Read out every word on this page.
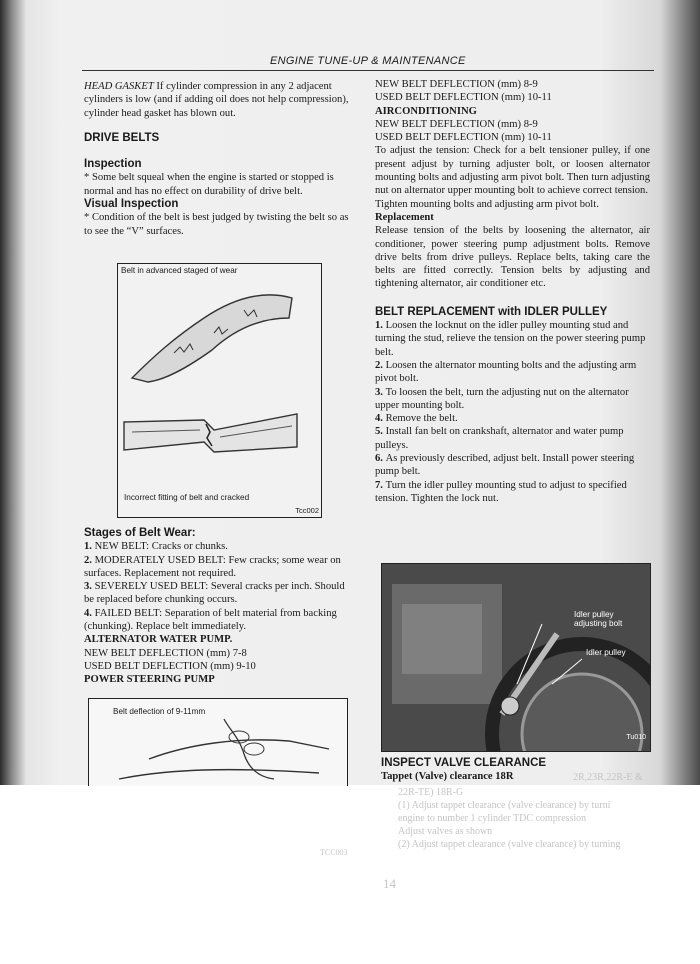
ENGINE TUNE-UP & MAINTENANCE

HEAD GASKET If cylinder compression in any 2 adjacent cylinders is low (and if adding oil does not help compression), cylinder head gasket has blown out.

DRIVE BELTS

Inspection

* Some belt squeal when the engine is started or stopped is normal and has no effect on durability of drive belt.

Visual Inspection

* Condition of the belt is best judged by twisting the belt so as to see the “V” surfaces.

Belt in advanced staged of wear
Incorrect fitting of belt and cracked
Tcc002

Stages of Belt Wear:

1. NEW BELT: Cracks or chunks.

2. MODERATELY USED BELT: Few cracks; some wear on surfaces. Replacement not required.

3. SEVERELY USED BELT: Several cracks per inch. Should be replaced before chunking occurs.

4. FAILED BELT: Separation of belt material from backing (chunking). Replace belt immediately.

ALTERNATOR WATER PUMP.

NEW BELT DEFLECTION (mm) 7-8

USED BELT DEFLECTION (mm) 9-10

POWER STEERING PUMP

Belt deflection of 9-11mm
TCC003

NEW BELT DEFLECTION (mm) 8-9

USED BELT DEFLECTION (mm) 10-11

AIRCONDITIONING

NEW BELT DEFLECTION (mm) 8-9

USED BELT DEFLECTION (mm) 10-11

To adjust the tension: Check for a belt tensioner pulley, if one present adjust by turning adjuster bolt, or loosen alternator mounting bolts and adjusting arm pivot bolt. Then turn adjusting nut on alternator upper mounting bolt to achieve correct tension.

Tighten mounting bolts and adjusting arm pivot bolt.

Replacement

Release tension of the belts by loosening the alternator, air conditioner, power steering pump adjustment bolts. Remove drive belts from drive pulleys. Replace belts, taking care the belts are fitted correctly. Tension belts by adjusting and tightening alternator, air conditioner etc.

BELT REPLACEMENT with IDLER PULLEY

1. Loosen the locknut on the idler pulley mounting stud and turning the stud, relieve the tension on the power steering pump belt.

2. Loosen the alternator mounting bolts and the adjusting arm pivot bolt.

3. To loosen the belt, turn the adjusting nut on the alternator upper mounting bolt.

4. Remove the belt.

5. Install fan belt on crankshaft, alternator and water pump pulleys.

6. As previously described, adjust belt. Install power steering pump belt.

7. Turn the idler pulley mounting stud to adjust to specified tension. Tighten the lock nut.

Idler pulley
adjusting bolt
Idler pulley
Tu010
INSPECT VALVE CLEARANCE
Tappet (Valve) clearance 18R	2R,23R,22R-E &
22R-TE) 18R-G
(1) Adjust tappet clearance (valve clearance) by turni
engine to number 1 cylinder TDC compression
Adjust valves as shown
(2) Adjust tappet clearance (valve clearance) by turning
14
